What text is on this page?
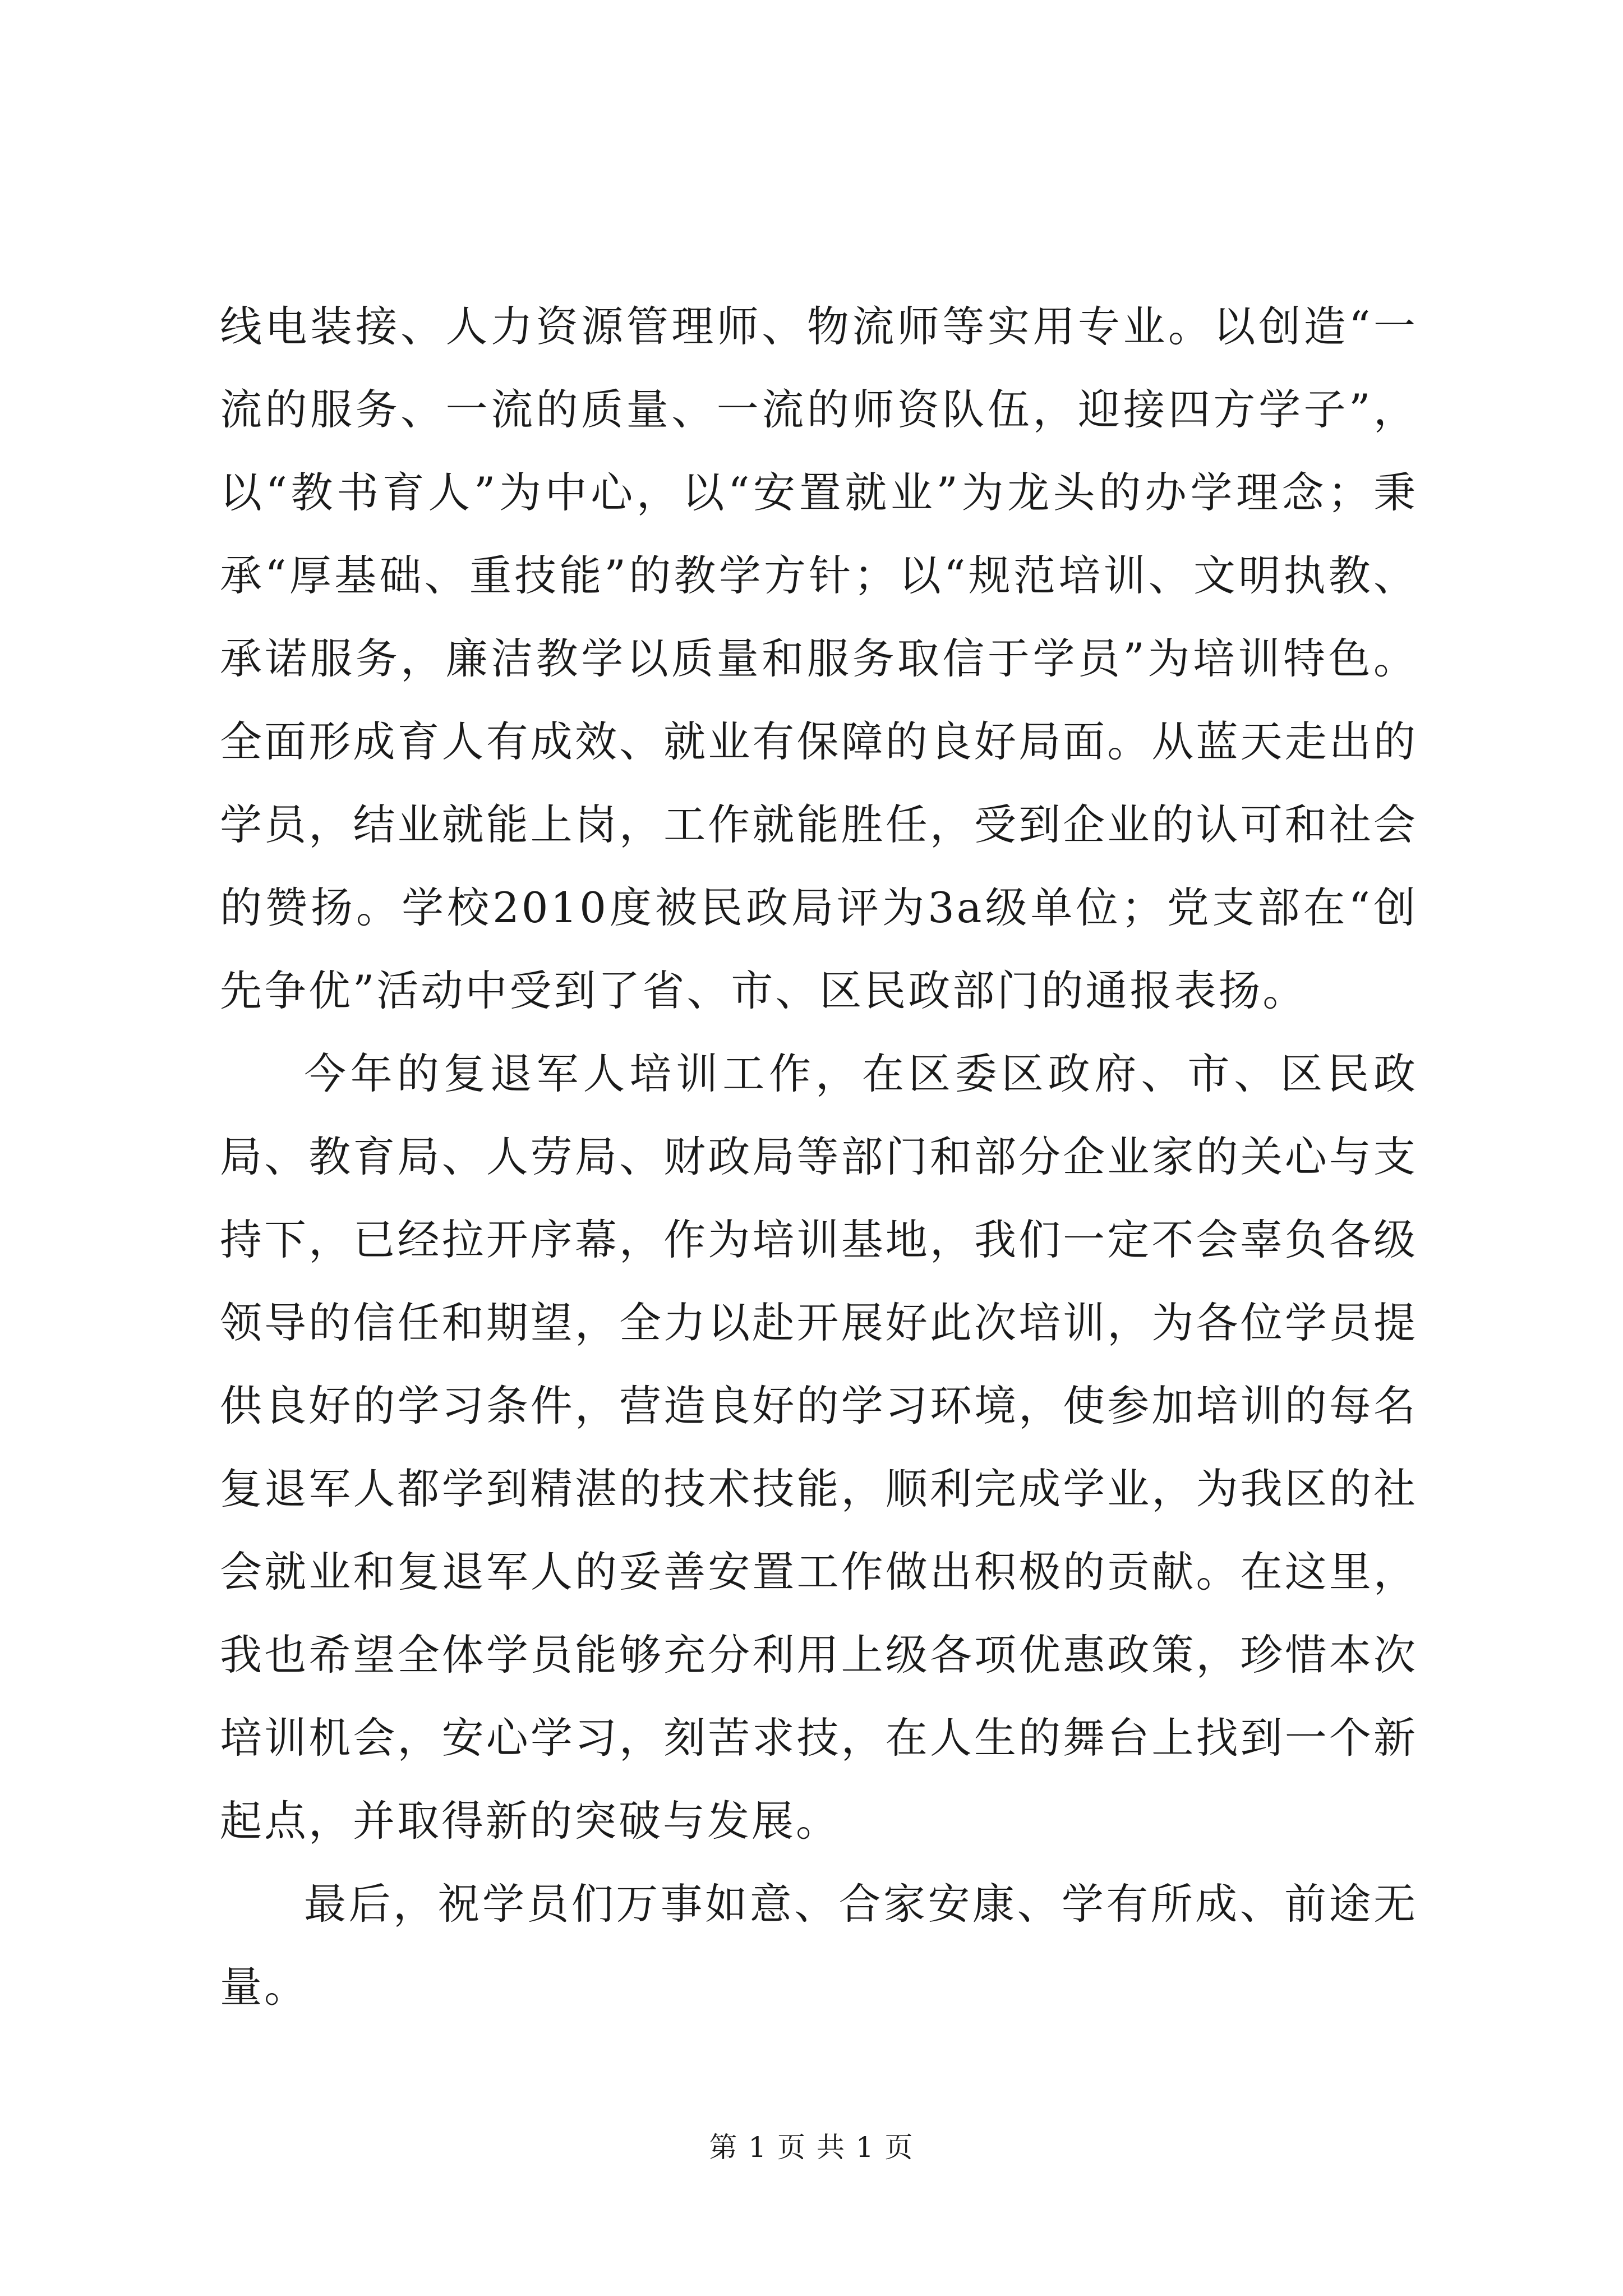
线电装接、人力资源管理师、物流师等实用专业。以创造“一流的服务、一流的质量、一流的师资队伍，迎接四方学子”，以“教书育人”为中心，以“安置就业”为龙头的办学理念；秉承“厚基础、重技能”的教学方针；以“规范培训、文明执教、承诺服务，廉洁教学以质量和服务取信于学员”为培训特色。全面形成育人有成效、就业有保障的良好局面。从蓝天走出的学员，结业就能上岗，工作就能胜任，受到企业的认可和社会的赞扬。学校2010度被民政局评为3a级单位；党支部在“创先争优”活动中受到了省、市、区民政部门的通报表扬。

今年的复退军人培训工作，在区委区政府、市、区民政局、教育局、人劳局、财政局等部门和部分企业家的关心与支持下，已经拉开序幕，作为培训基地，我们一定不会辜负各级领导的信任和期望，全力以赴开展好此次培训，为各位学员提供良好的学习条件，营造良好的学习环境，使参加培训的每名复退军人都学到精湛的技术技能，顺利完成学业，为我区的社会就业和复退军人的妥善安置工作做出积极的贡献。在这里，我也希望全体学员能够充分利用上级各项优惠政策，珍惜本次培训机会，安心学习，刻苦求技，在人生的舞台上找到一个新起点，并取得新的突破与发展。

最后，祝学员们万事如意、合家安康、学有所成、前途无量。

第 1 页 共 1 页
